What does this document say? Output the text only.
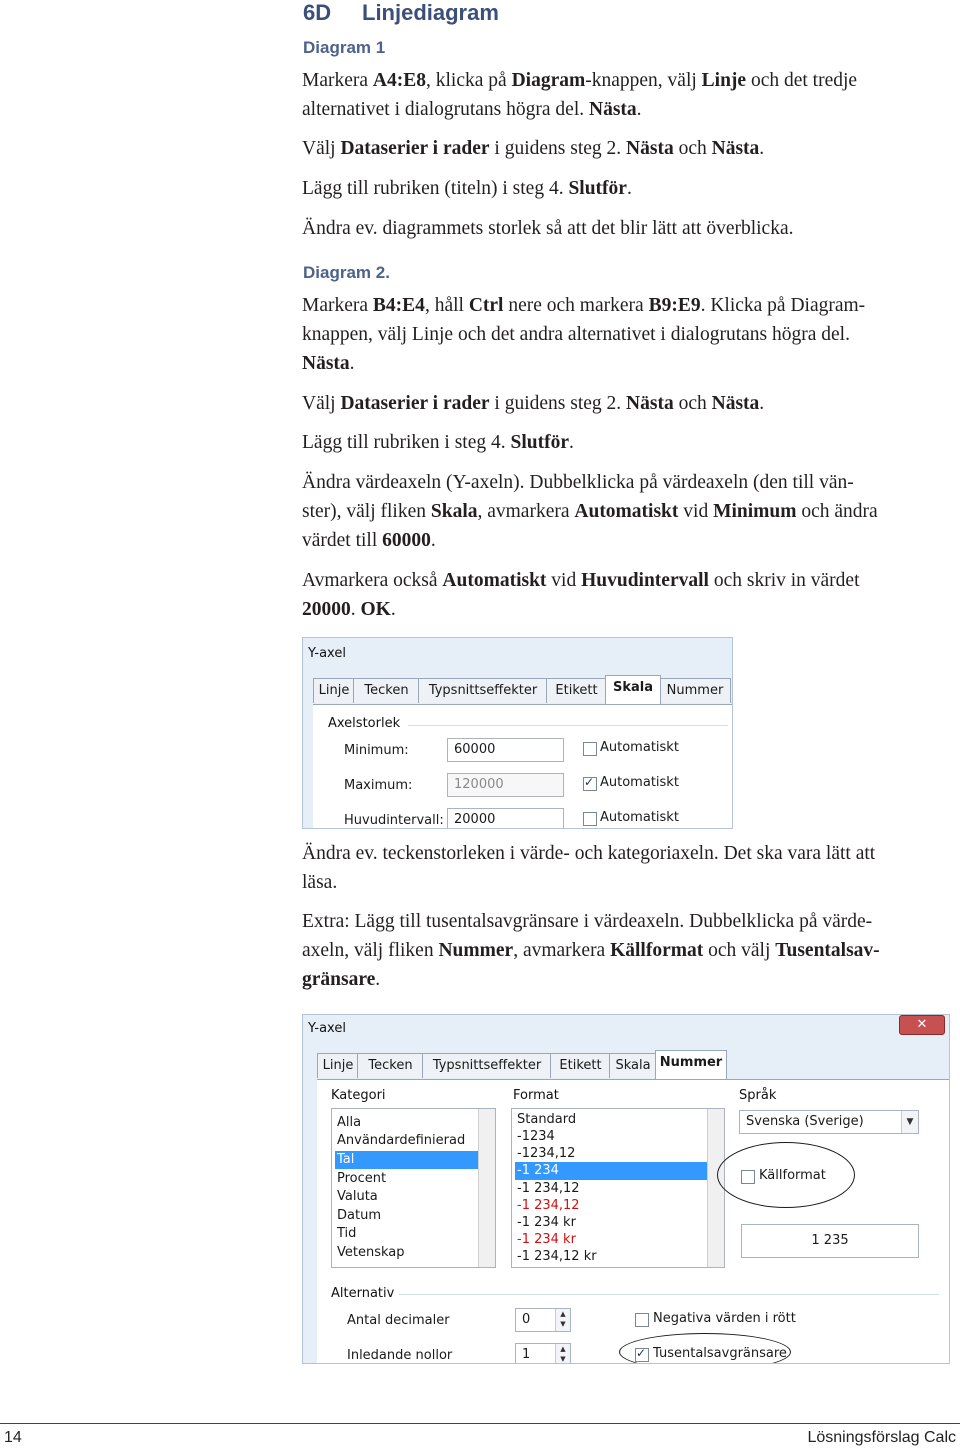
6D Linjediagram
Diagram 1
Markera A4:E8, klicka på Diagram-knappen, välj Linje och det tredje
alternativet i dialogrutans högra del. Nästa.
Välj Dataserier i rader i guidens steg 2. Nästa och Nästa.
Lägg till rubriken (titeln) i steg 4. Slutför.
Ändra ev. diagrammets storlek så att det blir lätt att överblicka.
Diagram 2.
Markera B4:E4, håll Ctrl nere och markera B9:E9. Klicka på Diagram-
knappen, välj Linje och det andra alternativet i dialogrutans högra del.
Nästa.
Välj Dataserier i rader i guidens steg 2. Nästa och Nästa.
Lägg till rubriken i steg 4. Slutför.
Ändra värdeaxeln (Y-axeln). Dubbelklicka på värdeaxeln (den till vän-
ster), välj fliken Skala, avmarkera Automatiskt vid Minimum och ändra
värdet till 60000.
Avmarkera också Automatiskt vid Huvudintervall och skriv in värdet
20000. OK.
Y-axel
Linje	Tecken	Typsnittseffekter	Etikett	Skala	Nummer
Axelstorlek
Minimum:	60000	Automatiskt
Maximum:	120000
✓	Automatiskt
Huvudintervall: 20000	Automatiskt
Ändra ev. teckenstorleken i värde- och kategoriaxeln. Det ska vara lätt att
läsa.
Extra: Lägg till tusentalsavgränsare i värdeaxeln. Dubbelklicka på värde-
axeln, välj fliken Nummer, avmarkera Källformat och välj Tusentalsav-
gränsare.
Y-axel	✕
Linje	Tecken	Typsnittseffekter	Etikett	Skala Nummer
Kategori
Alla
Användardefinierad
Tal
Procent
Valuta
Datum
Tid
Vetenskap
Format
Standard
-1234
-1234,12
-1 234
-1 234,12
-1 234,12
-1 234 kr
-1 234 kr
-1 234,12 kr
Språk
Svenska (Sverige)	▼
Källformat
1 235
Alternativ
Antal decimaler	0	▲
▼
Inledande nollor	1	▲
▼
Negativa värden i rött
✓
Tusentalsavgränsare
14	Lösningsförslag Calc
